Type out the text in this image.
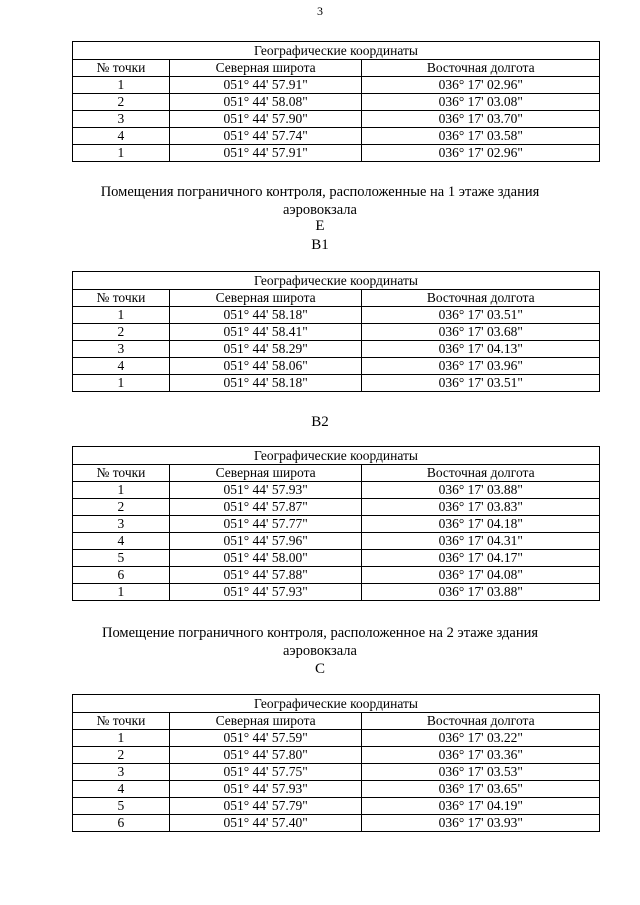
3
Географические координаты		
№ точки	Северная широта	Восточная долгота
1	051° 44' 57.91"	036° 17' 02.96"
2	051° 44' 58.08"	036° 17' 03.08"
3	051° 44' 57.90"	036° 17' 03.70"
4	051° 44' 57.74"	036° 17' 03.58"
1	051° 44' 57.91"	036° 17' 02.96"
Помещения пограничного контроля, расположенные на 1 этаже здания аэровокзала
E
B1
Географические координаты		
№ точки	Северная широта	Восточная долгота
1	051° 44' 58.18"	036° 17' 03.51"
2	051° 44' 58.41"	036° 17' 03.68"
3	051° 44' 58.29"	036° 17' 04.13"
4	051° 44' 58.06"	036° 17' 03.96"
1	051° 44' 58.18"	036° 17' 03.51"
B2
Географические координаты		
№ точки	Северная широта	Восточная долгота
1	051° 44' 57.93"	036° 17' 03.88"
2	051° 44' 57.87"	036° 17' 03.83"
3	051° 44' 57.77"	036° 17' 04.18"
4	051° 44' 57.96"	036° 17' 04.31"
5	051° 44' 58.00"	036° 17' 04.17"
6	051° 44' 57.88"	036° 17' 04.08"
1	051° 44' 57.93"	036° 17' 03.88"
Помещение пограничного контроля, расположенное на 2 этаже здания аэровокзала
C
Географические координаты		
№ точки	Северная широта	Восточная долгота
1	051° 44' 57.59"	036° 17' 03.22"
2	051° 44' 57.80"	036° 17' 03.36"
3	051° 44' 57.75"	036° 17' 03.53"
4	051° 44' 57.93"	036° 17' 03.65"
5	051° 44' 57.79"	036° 17' 04.19"
6	051° 44' 57.40"	036° 17' 03.93"
